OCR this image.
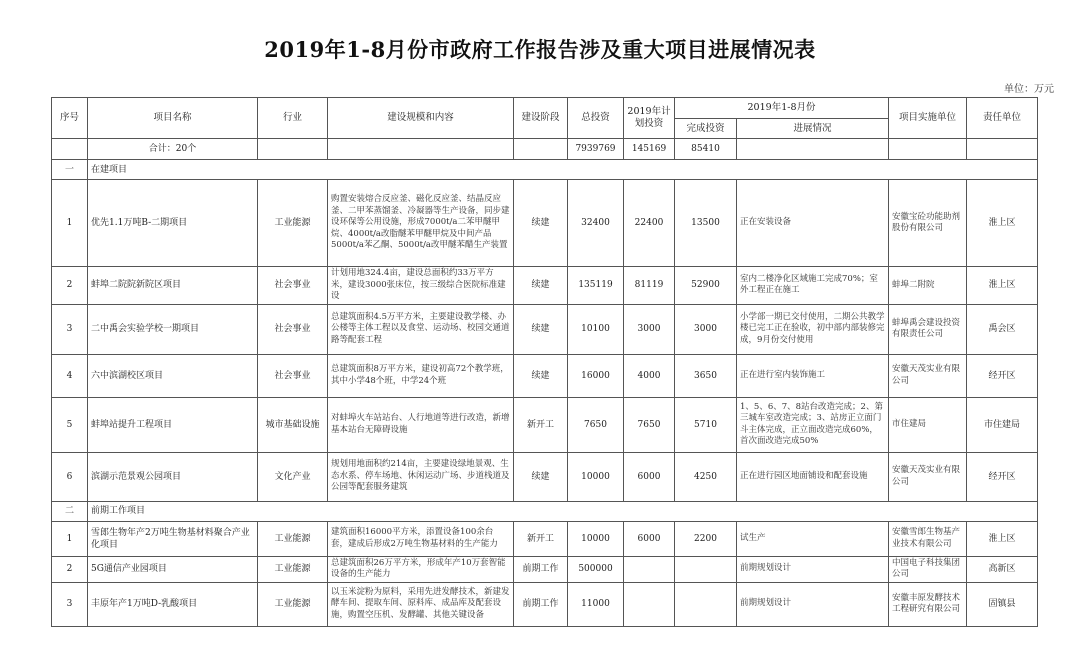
2019年1-8月份市政府工作报告涉及重大项目进展情况表
单位：万元
序号	项目名称	行业	建设规模和内容	建设阶段	总投资	2019年计划投资	2019年1-8月份		项目实施单位	责任单位
							完成投资	进展情况		
	合计：20个				7939769	145169	85410			
一	在建项目									
1	优先1.1万吨B-二期项目	工业能源	购置安装熔合反应釜、磁化反应釜、结晶反应釜、二甲苯蒸馏釜、冷凝器等生产设备，同步建设环保等公用设施，形成7000t/a二苯甲醚甲烷、4000t/a改脂醚苯甲醚甲烷及中间产品5000t/a苯乙酮、5000t/a改甲醚苯醋生产装置	续建	32400	22400	13500	正在安装设备	安徽宝砼功能助剂股份有限公司	淮上区
2	蚌埠二院院新院区项目	社会事业	计划用地324.4亩，建设总面积约33万平方米，建设3000张床位，按三级综合医院标准建设	续建	135119	81119	52900	室内二楼净化区域施工完成70%；室外工程正在施工	蚌埠二附院	淮上区
3	二中禹会实验学校一期项目	社会事业	总建筑面积4.5万平方米，主要建设教学楼、办公楼等主体工程以及食堂、运动场、校园交通道路等配套工程	续建	10100	3000	3000	小学部一期已交付使用，二期公共教学楼已完工正在验收，初中部内部装修完成，9月份交付使用	蚌埠禹会建设投资有限责任公司	禹会区
4	六中滨湖校区项目	社会事业	总建筑面积8万平方米，建设初高72个教学班，其中小学48个班，中学24个班	续建	16000	4000	3650	正在进行室内装饰施工	安徽天茂实业有限公司	经开区
5	蚌埠站提升工程项目	城市基础设施	对蚌埠火车站站台、人行地道等进行改造，新增基本站台无障碍设施	新开工	7650	7650	5710	1、5、6、7、8站台改造完成；2、第三城车室改造完成；3、站房正立面门斗主体完成，正立面改造完成60%，首次面改造完成50%	市住建局	市住建局
6	滨湖示范景观公园项目	文化产业	规划用地面积约214亩，主要建设绿地景观、生态水系、停车场地、休闲运动广场、步道栈道及公园等配套服务建筑	续建	10000	6000	4250	正在进行园区地面铺设和配套设施	安徽天茂实业有限公司	经开区
二	前期工作项目									
1	雪郎生物年产2万吨生物基材料聚合产业化项目	工业能源	建筑面积16000平方米，添置设备100余台套，建成后形成2万吨生物基材料的生产能力	新开工	10000	6000	2200	试生产	安徽雪郎生物基产业技术有限公司	淮上区
2	5G通信产业园项目	工业能源	总建筑面积26万平方米，形成年产10万套智能设备的生产能力	前期工作	500000			前期规划设计	中国电子科技集团公司	高新区
3	丰原年产1万吨D-乳酸项目	工业能源	以玉米淀粉为原料，采用先进发酵技术，新建发酵车间、提取车间、原料库、成品库及配套设施，购置空压机、发酵罐、其他关键设备	前期工作	11000			前期规划设计	安徽丰原发酵技术工程研究有限公司	固镇县
